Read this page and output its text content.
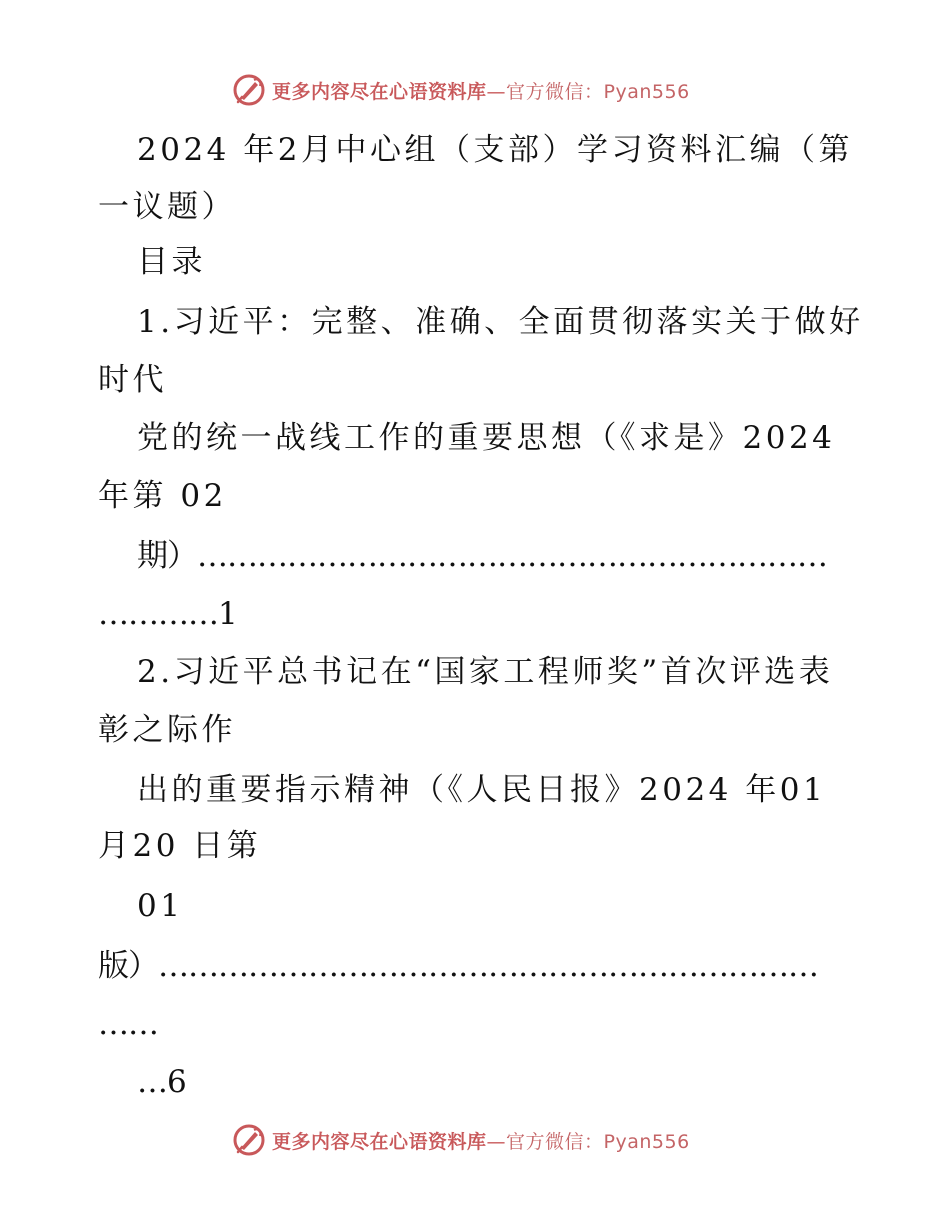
更多内容尽在心语资料库—官方微信：Pyan556
2024 年2月中心组（支部）学习资料汇编（第
一议题）
目录
1.习近平：完整、准确、全面贯彻落实关于做好
时代
党的统一战线工作的重要思想（《求是》2024
年第 02
期）………………………………………………………
…………1
2.习近平总书记在“国家工程师奖”首次评选表
彰之际作
出的重要指示精神（《人民日报》2024 年01
月20 日第
01
版）…………………………………………………………
……
…6
更多内容尽在心语资料库—官方微信：Pyan556
